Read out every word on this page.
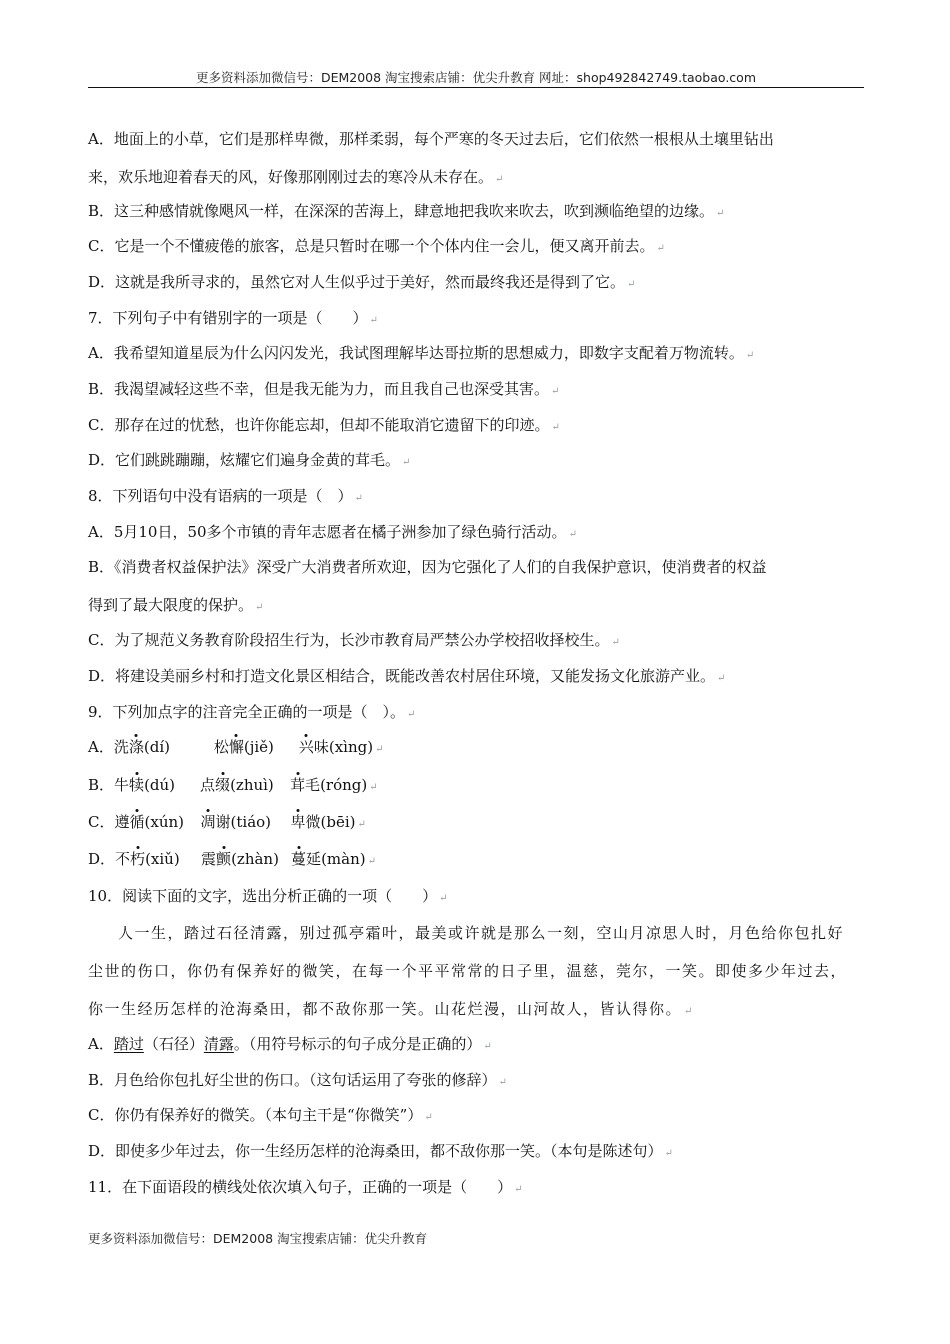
更多资料添加微信号：DEM2008 淘宝搜索店铺：优尖升教育 网址：shop492842749.taobao.com
A．地面上的小草，它们是那样卑微，那样柔弱，每个严寒的冬天过去后，它们依然一根根从土壤里钻出
来，欢乐地迎着春天的风，好像那刚刚过去的寒冷从未存在。 ↵
B．这三种感情就像飓风一样，在深深的苦海上，肆意地把我吹来吹去，吹到濒临绝望的边缘。 ↵
C．它是一个不懂疲倦的旅客，总是只暂时在哪一个个体内住一会儿，便又离开前去。 ↵
D．这就是我所寻求的，虽然它对人生似乎过于美好，然而最终我还是得到了它。 ↵
7．下列句子中有错别字的一项是（　　） ↵
A．我希望知道星辰为什么闪闪发光，我试图理解毕达哥拉斯的思想威力，即数字支配着万物流转。 ↵
B．我渴望减轻这些不幸，但是我无能为力，而且我自己也深受其害。 ↵
C．那存在过的忧愁，也许你能忘却，但却不能取消它遗留下的印迹。 ↵
D．它们跳跳蹦蹦，炫耀它们遍身金黄的茸毛。 ↵
8．下列语句中没有语病的一项是（　） ↵
A．5月10日，50多个市镇的青年志愿者在橘子洲参加了绿色骑行活动。 ↵
B．《消费者权益保护法》深受广大消费者所欢迎，因为它强化了人们的自我保护意识，使消费者的权益
得到了最大限度的保护。 ↵
C．为了规范义务教育阶段招生行为，长沙市教育局严禁公办学校招收择校生。 ↵
D．将建设美丽乡村和打造文化景区相结合，既能改善农村居住环境，又能发扬文化旅游产业。 ↵
9．下列加点字的注音完全正确的一项是（　）。 ↵
A．洗涤(dí)	松懈(jiě) 兴味(xìng) ↵
B．牛犊(dú) 点缀(zhuì) 茸毛(róng) ↵
C．遵循(xún) 凋谢(tiáo) 卑微(bēi) ↵
D．不朽(xiǔ) 震颤(zhàn) 蔓延(màn) ↵
10．阅读下面的文字，选出分析正确的一项（　　） ↵
人一生，踏过石径清露，别过孤亭霜叶，最美或许就是那么一刻，空山月凉思人时，月色给你包扎好
尘世的伤口，你仍有保养好的微笑，在每一个平平常常的日子里，温慈，莞尔，一笑。即使多少年过去，
你一生经历怎样的沧海桑田，都不敌你那一笑。山花烂漫，山河故人，皆认得你。 ↵
A．踏过（石径）清露。（用符号标示的句子成分是正确的） ↵
B．月色给你包扎好尘世的伤口。（这句话运用了夸张的修辞） ↵
C．你仍有保养好的微笑。（本句主干是“你微笑”） ↵
D．即使多少年过去，你一生经历怎样的沧海桑田，都不敌你那一笑。（本句是陈述句） ↵
11．在下面语段的横线处依次填入句子，正确的一项是（　　） ↵
更多资料添加微信号：DEM2008 淘宝搜索店铺：优尖升教育
